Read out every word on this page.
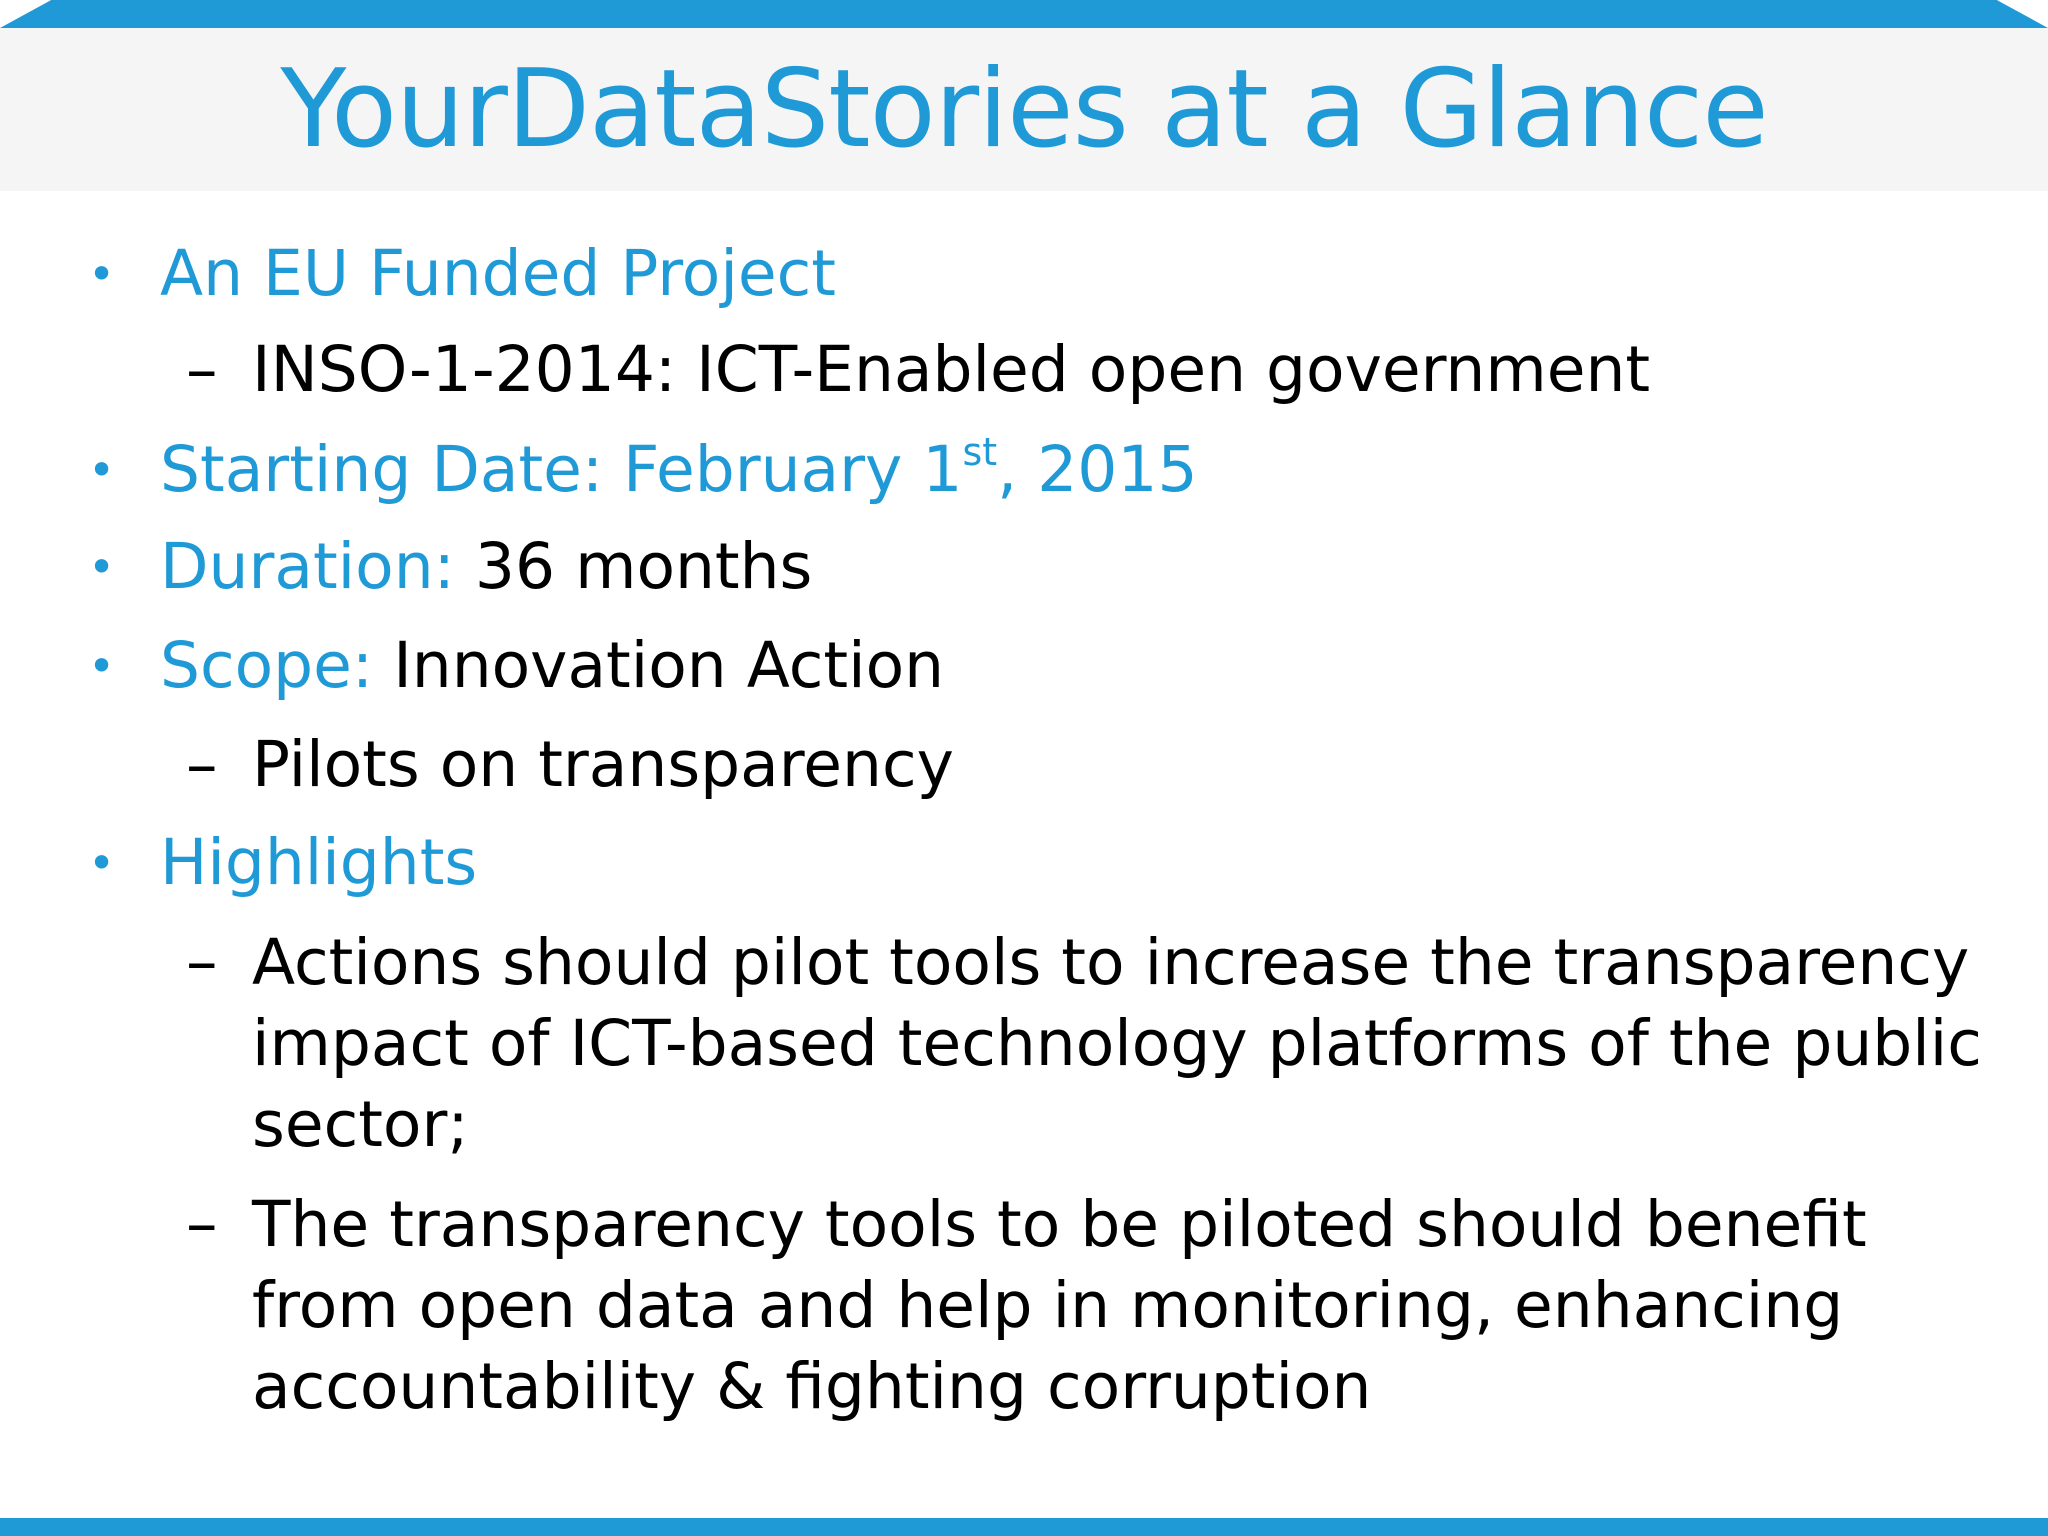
YourDataStories at a Glance
• An EU Funded Project
– INSO-1-2014: ICT-Enabled open government
• Starting Date: February 1st, 2015
• Duration: 36 months
• Scope: Innovation Action
– Pilots on transparency
• Highlights
– Actions should pilot tools to increase the transparency impact of ICT-based technology platforms of the public sector;
– The transparency tools to be piloted should benefit from open data and help in monitoring, enhancing accountability & fighting corruption
